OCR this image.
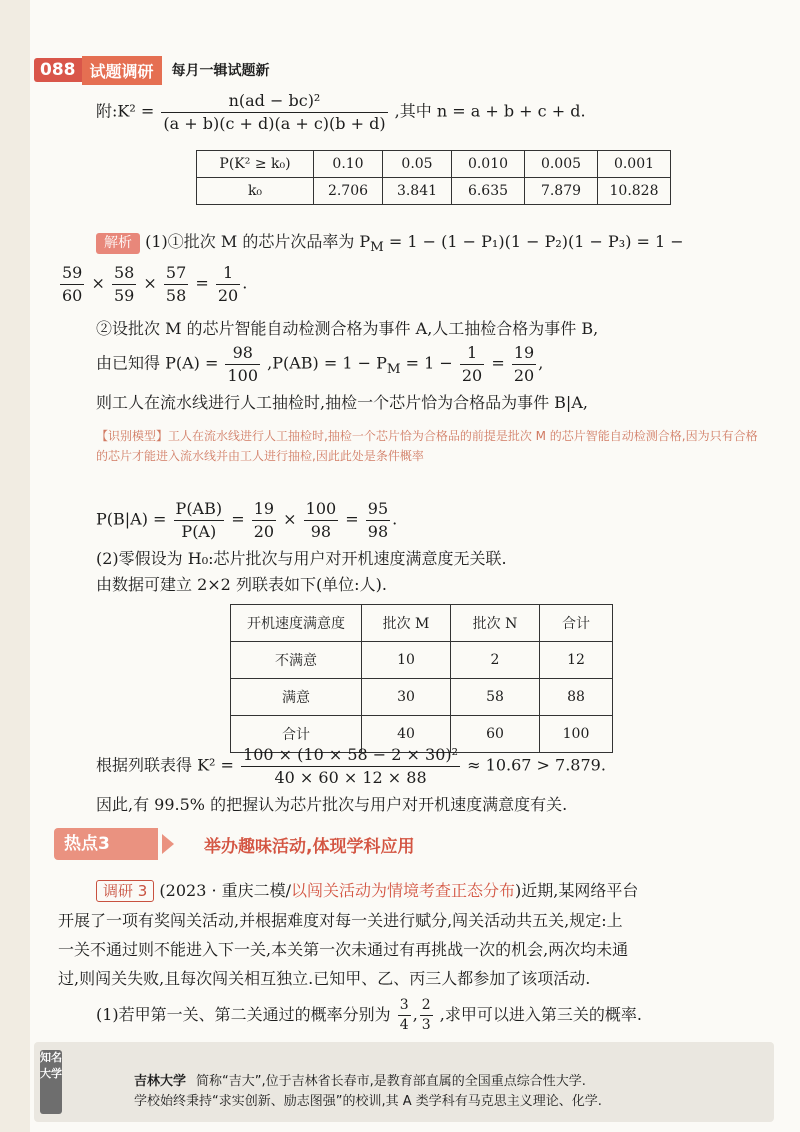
088 试题调研	每月一辑试题新
附:K² = $\frac{\text{n(ad − bc)²}}{(a + b)(c + d)(a + c)(b + d)}$ ,其中 n = a + b + c + d.
P(K² ≥ k₀)	0.10	0.05	0.010	0.005	0.001
k₀	2.706	3.841	6.635	7.879	10.828
解析 (1)①批次 M 的芯片次品率为 $P_M = 1 - (1 - P_1)(1 - P_2)(1 - P_3) = 1$ −
$\frac{59}{60} \times \frac{58}{59} \times \frac{57}{58} = \frac{1}{20}$ .
②设批次 M 的芯片智能自动检测合格为事件 A,人工抽检合格为事件 B,
由已知得 $P(A) = \frac{98}{100} ,P(AB) = 1 - P_M = 1 - \frac{1}{20} = \frac{19}{20}$ ,
则工人在流水线进行人工抽检时,抽检一个芯片恰为合格品为事件 B|A,
【识别模型】工人在流水线进行人工抽检时,抽检一个芯片恰为合格品的前提是批次 M 的芯片智能自动检测合格,因为只有合格的芯片才能进入流水线并由工人进行抽检,因此此处是条件概率
$P(B|A) = \frac{P(AB)}{P(A)} = \frac{19}{20} \times \frac{100}{98} = \frac{95}{98}$ .
(2)零假设为 H₀:芯片批次与用户对开机速度满意度无关联.
由数据可建立 2×2 列联表如下(单位:人).
开机速度满意度	批次 M	批次 N	合计
不满意	10	2	12
满意	30	58	88
合计	40	60	100
根据列联表得 $K^2 = \frac{\text{100 × (10 × 58 − 2 × 30)²}}{40 \times 60 \times 12 \times 88} \approx 10.67 > 7.879$.
因此,有 99.5% 的把握认为芯片批次与用户对开机速度满意度有关.
热点3	举办趣味活动,体现学科应用
调研 3 (2023 · 重庆二模/以闯关活动为情境考查正态分布)近期,某网络平台
开展了一项有奖闯关活动,并根据难度对每一关进行赋分,闯关活动共五关,规定:上
一关不通过则不能进入下一关,本关第一次未通过有再挑战一次的机会,两次均未通
过,则闯关失败,且每次闯关相互独立.已知甲、乙、丙三人都参加了该项活动.
(1)若甲第一关、第二关通过的概率分别为 $\frac{3}{4}$ , $\frac{2}{3}$ ,求甲可以进入第三关的概率.
知名大学
吉林大学 简称“吉大”,位于吉林省长春市,是教育部直属的全国重点综合性大学.
学校始终秉持“求实创新、励志图强”的校训,其 A 类学科有马克思主义理论、化学.
